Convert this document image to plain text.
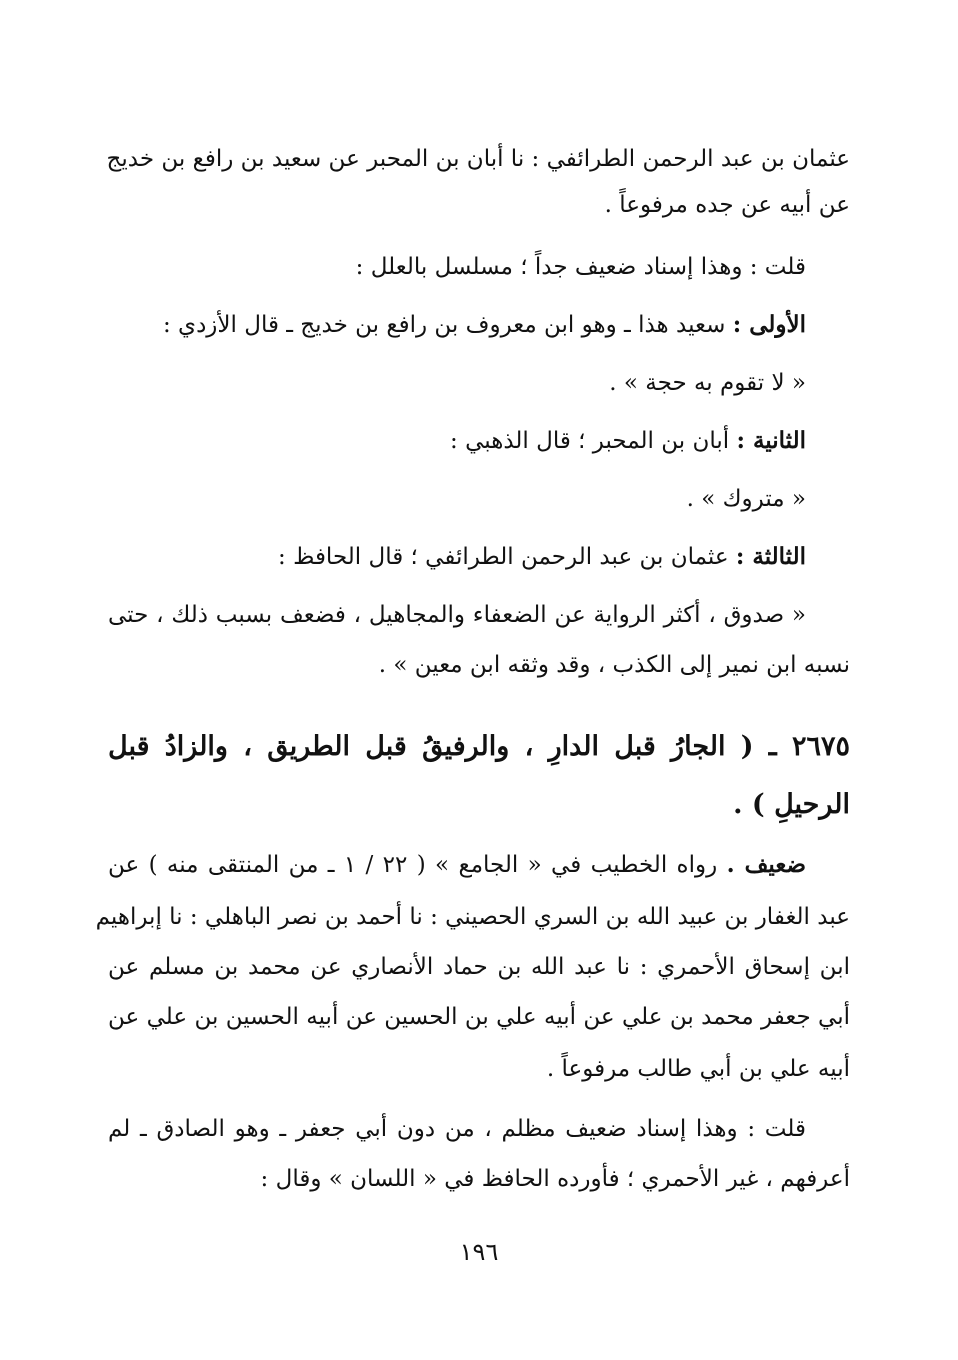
عثمان بن عبد الرحمن الطرائفي : نا أبان بن المحبر عن سعيد بن رافع بن خديج
عن أبيه عن جده مرفوعاً .
قلت : وهذا إسناد ضعيف جداً ؛ مسلسل بالعلل :
الأولى : سعيد هذا ـ وهو ابن معروف بن رافع بن خديج ـ قال الأزدي :
« لا تقوم به حجة » .
الثانية : أبان بن المحبر ؛ قال الذهبي :
« متروك » .
الثالثة : عثمان بن عبد الرحمن الطرائفي ؛ قال الحافظ :
« صدوق ، أكثر الرواية عن الضعفاء والمجاهيل ، فضعف بسبب ذلك ، حتى
نسبه ابن نمير إلى الكذب ، وقد وثقه ابن معين » .
٢٦٧٥ ـ ( الجارُ قبل الدارِ ، والرفيقُ قبل الطريق ، والزادُ قبل
الرحيلِ ) .
ضعيف . رواه الخطيب في « الجامع » ( ٢٢ / ١ ـ من المنتقى منه ) عن
عبد الغفار بن عبيد الله بن السري الحصيني : نا أحمد بن نصر الباهلي : نا إبراهيم
ابن إسحاق الأحمري : نا عبد الله بن حماد الأنصاري عن محمد بن مسلم عن
أبي جعفر محمد بن علي عن أبيه علي بن الحسين عن أبيه الحسين بن علي عن
أبيه علي بن أبي طالب مرفوعاً .
قلت : وهذا إسناد ضعيف مظلم ، من دون أبي جعفر ـ وهو الصادق ـ لم
أعرفهم ، غير الأحمري ؛ فأورده الحافظ في « اللسان » وقال :
١٩٦
